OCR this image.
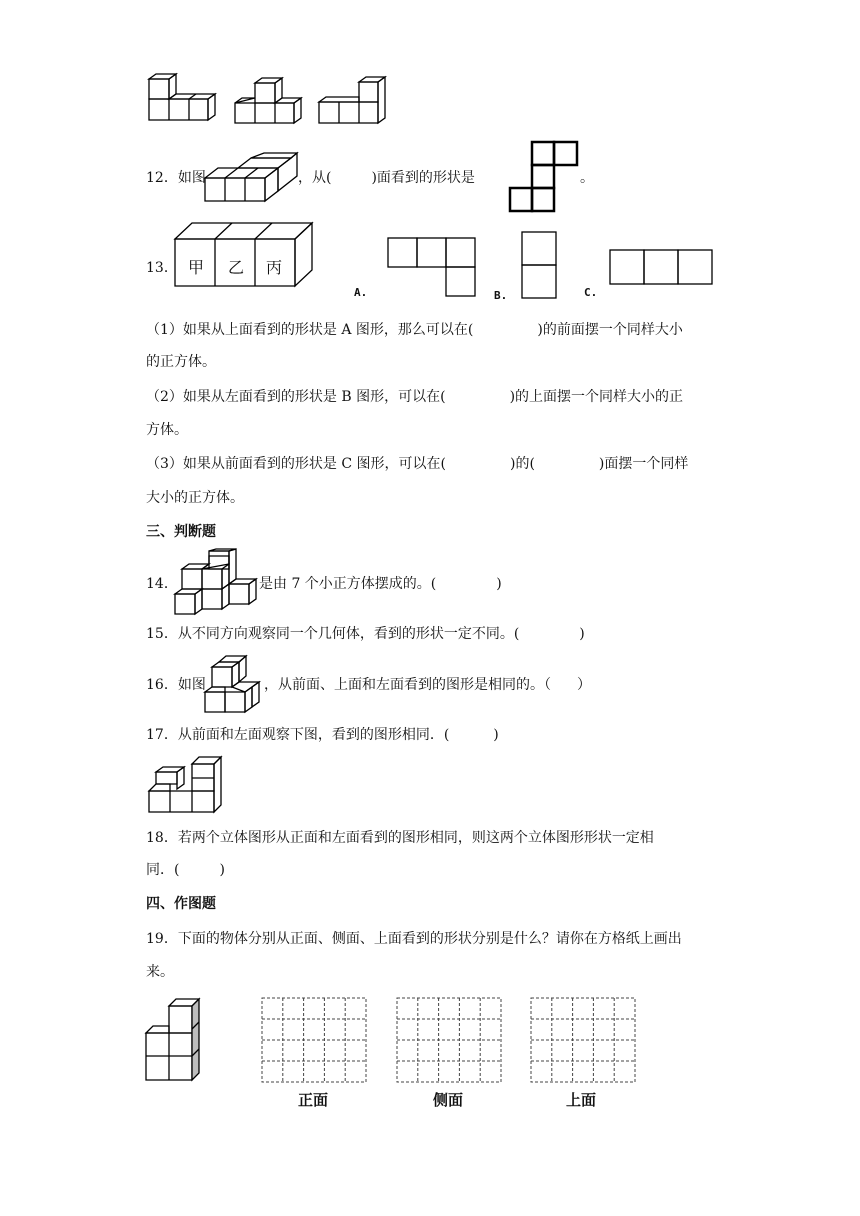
12．如图	，从(	)面看到的形状是	。
13． 甲 乙 丙
A.	B.	C.
（1）如果从上面看到的形状是 A 图形，那么可以在(	)的前面摆一个同样大小
的正方体。
（2）如果从左面看到的形状是 B 图形，可以在(	)的上面摆一个同样大小的正
方体。
（3）如果从前面看到的形状是 C 图形，可以在(	)的(	)面摆一个同样
大小的正方体。
三、判断题
14．	是由 7 个小正方体摆成的。(	)
15．从不同方向观察同一个几何体，看到的形状一定不同。(	)
16．如图	，从前面、上面和左面看到的图形是相同的。（ ）
17．从前面和左面观察下图，看到的图形相同．(	)
18．若两个立体图形从正面和左面看到的图形相同，则这两个立体图形形状一定相
同．(	)
四、作图题
19．下面的物体分别从正面、侧面、上面看到的形状分别是什么？请你在方格纸上画出
来。
正面	侧面	上面
